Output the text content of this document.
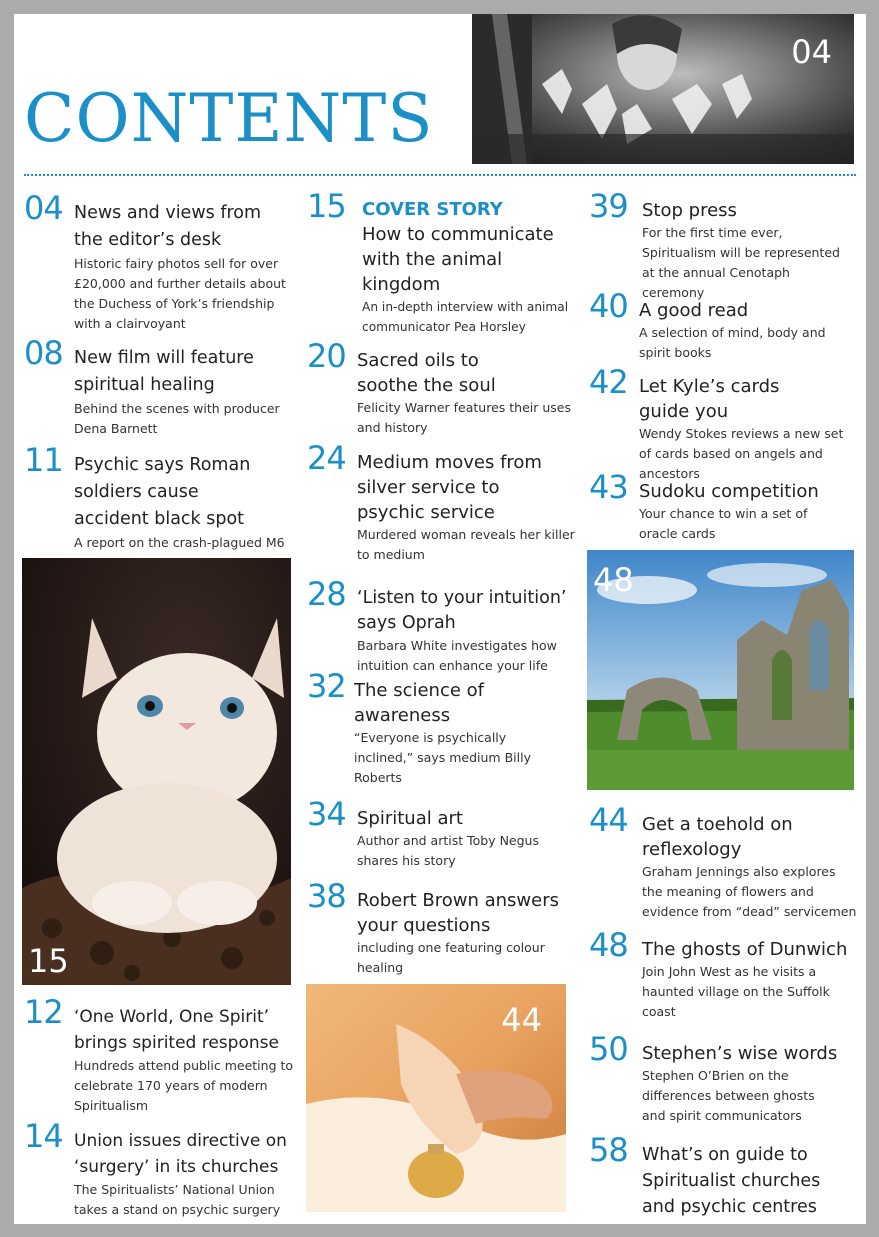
CONTENTS
04
04 News and views from the editor’s desk
Historic fairy photos sell for over £20,000 and further details about the Duchess of York’s friendship with a clairvoyant
08 New film will feature spiritual healing
Behind the scenes with producer Dena Barnett
11 Psychic says Roman soldiers cause accident black spot
A report on the crash-plagued M6
15
12 ‘One World, One Spirit’ brings spirited response
Hundreds attend public meeting to celebrate 170 years of modern Spiritualism
14 Union issues directive on ‘surgery’ in its churches
The Spiritualists’ National Union takes a stand on psychic surgery
15 COVER STORY
How to communicate with the animal kingdom
An in-depth interview with animal communicator Pea Horsley
20 Sacred oils to soothe the soul
Felicity Warner features their uses and history
24 Medium moves from silver service to psychic service
Murdered woman reveals her killer to medium
28 ‘Listen to your intuition’ says Oprah
Barbara White investigates how intuition can enhance your life
32 The science of awareness
“Everyone is psychically inclined,” says medium Billy Roberts
34 Spiritual art
Author and artist Toby Negus shares his story
38 Robert Brown answers your questions
including one featuring colour healing
44
39 Stop press
For the first time ever, Spiritualism will be represented at the annual Cenotaph ceremony
40 A good read
A selection of mind, body and spirit books
42 Let Kyle’s cards guide you
Wendy Stokes reviews a new set of cards based on angels and ancestors
43 Sudoku competition
Your chance to win a set of oracle cards
48
44 Get a toehold on reflexology
Graham Jennings also explores the meaning of flowers and evidence from “dead” servicemen
48 The ghosts of Dunwich
Join John West as he visits a haunted village on the Suffolk coast
50 Stephen’s wise words
Stephen O’Brien on the differences between ghosts and spirit communicators
58 What’s on guide to Spiritualist churches and psychic centres
